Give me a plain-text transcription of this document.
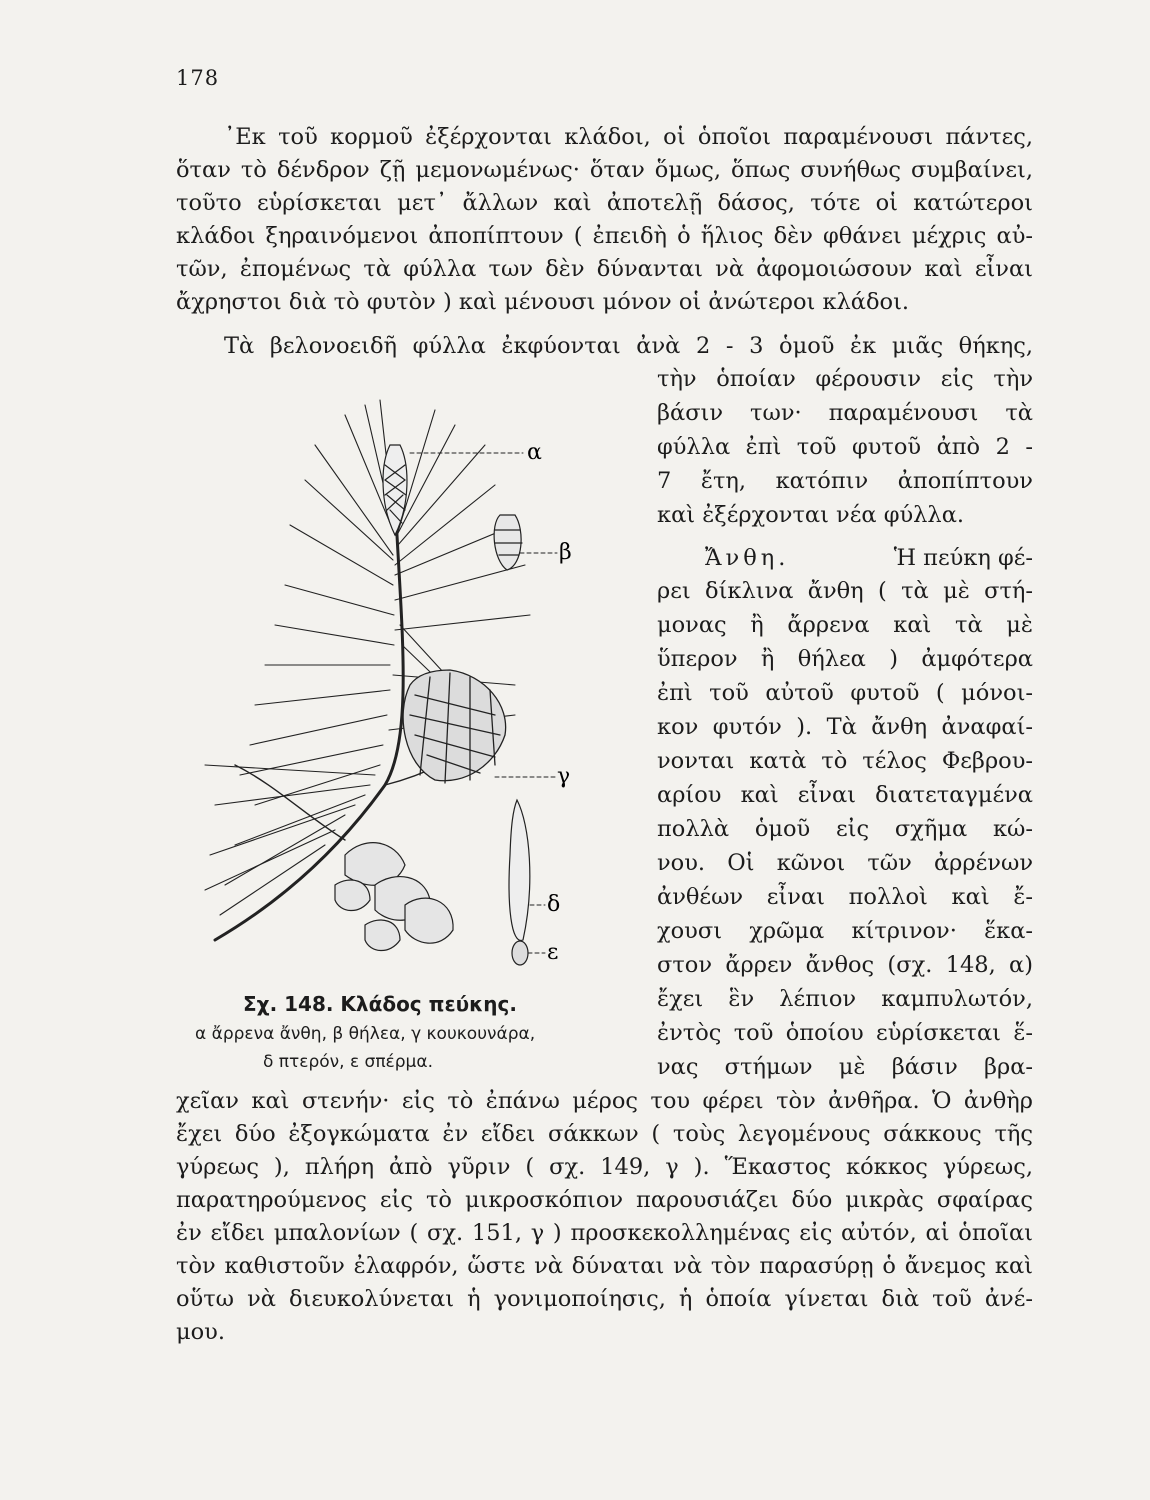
178
᾿Εκ τοῦ κορμοῦ ἐξέρχονται κλάδοι, οἱ ὁποῖοι παραμένουσι πάντες,
ὅταν τὸ δένδρον ζῇ μεμονωμένως· ὅταν ὅμως, ὅπως συνήθως συμβαίνει,
τοῦτο εὑρίσκεται μετ᾿ ἄλλων καὶ ἀποτελῇ δάσος, τότε οἱ κατώτεροι
κλάδοι ξηραινόμενοι ἀποπίπτουν ( ἐπειδὴ ὁ ἥλιος δὲν φθάνει μέχρις αὐ-
τῶν, ἐπομένως τὰ φύλλα των δὲν δύνανται νὰ ἀφομοιώσουν καὶ εἶναι
ἄχρηστοι διὰ τὸ φυτὸν ) καὶ μένουσι μόνον οἱ ἀνώτεροι κλάδοι.
Τὰ βελονοειδῆ φύλλα ἐκφύονται ἀνὰ 2 - 3 ὁμοῦ ἐκ μιᾶς θήκης,
τὴν ὁποίαν φέρουσιν εἰς τὴν
βάσιν των· παραμένουσι τὰ
φύλλα ἐπὶ τοῦ φυτοῦ ἀπὸ 2 -
7 ἔτη, κατόπιν ἀποπίπτουν
καὶ ἐξέρχονται νέα φύλλα.
Ἄνθη.	Ἡ πεύκη φέ-
ρει δίκλινα ἄνθη ( τὰ μὲ στή-
μονας ἢ ἄρρενα καὶ τὰ μὲ
ὕπερον ἢ θήλεα ) ἀμφότερα
ἐπὶ τοῦ αὐτοῦ φυτοῦ ( μόνοι-
κον φυτόν ). Τὰ ἄνθη ἀναφαί-
νονται κατὰ τὸ τέλος Φεβρου-
αρίου καὶ εἶναι διατεταγμένα
πολλὰ ὁμοῦ εἰς σχῆμα κώ-
νου. Οἱ κῶνοι τῶν ἀρρένων
ἀνθέων εἶναι πολλοὶ καὶ ἔ-
χουσι χρῶμα κίτρινον· ἕκα-
στον ἄρρεν ἄνθος (σχ. 148, α)
ἔχει ἓν λέπιον καμπυλωτόν,
ἐντὸς τοῦ ὁποίου εὑρίσκεται ἕ-
νας στήμων μὲ βάσιν βρα-
χεῖαν καὶ στενήν· εἰς τὸ ἐπάνω μέρος του φέρει τὸν ἀνθῆρα. Ὁ ἀνθὴρ
ἔχει δύο ἐξογκώματα ἐν εἴδει σάκκων ( τοὺς λεγομένους σάκκους τῆς
γύρεως ), πλήρη ἀπὸ γῦριν ( σχ. 149, γ ). Ἕκαστος κόκκος γύρεως,
παρατηρούμενος εἰς τὸ μικροσκόπιον παρουσιάζει δύο μικρὰς σφαίρας
ἐν εἴδει μπαλονίων ( σχ. 151, γ ) προσκεκολλημένας εἰς αὐτόν, αἱ ὁποῖαι
τὸν καθιστοῦν ἐλαφρόν, ὥστε νὰ δύναται νὰ τὸν παρασύρῃ ὁ ἄνεμος καὶ
οὕτω νὰ διευκολύνεται ἡ γονιμοποίησις, ἡ ὁποία γίνεται διὰ τοῦ ἀνέ-
μου.
α
β
γ
δ
ε
Σχ. 148. Κλάδος πεύκης.
α ἄρρενα ἄνθη, β θήλεα, γ κουκουνάρα,
δ πτερόν, ε σπέρμα.
